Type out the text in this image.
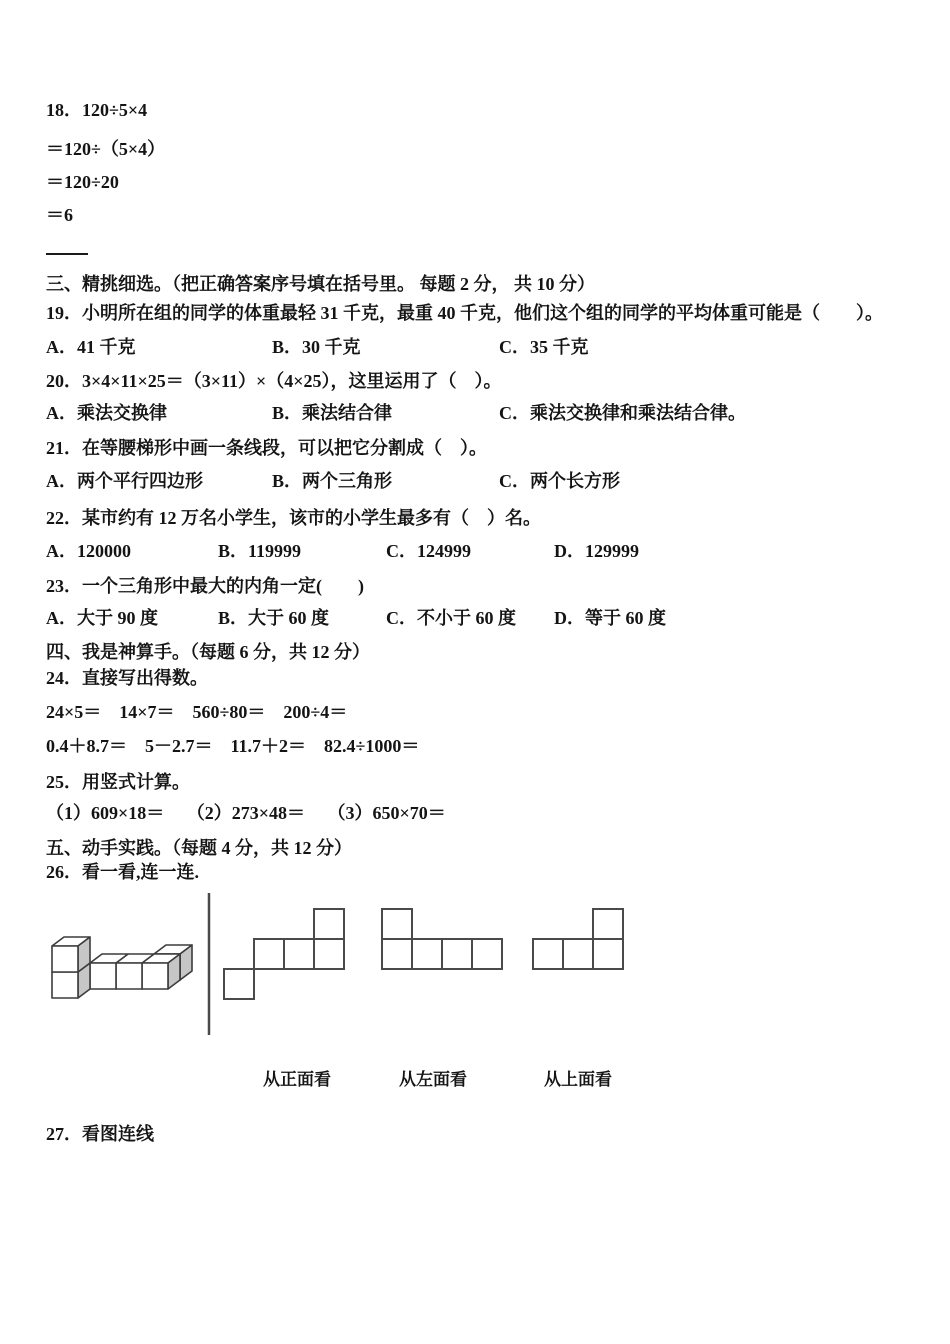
18．120÷5×4
＝120÷（5×4）
＝120÷20
＝6
三、精挑细选。（把正确答案序号填在括号里。 每题 2 分， 共 10 分）
19．小明所在组的同学的体重最轻 31 千克，最重 40 千克，他们这个组的同学的平均体重可能是（　　）。
A．41 千克	B．30 千克	C．35 千克
20．3×4×11×25＝（3×11）×（4×25），这里运用了（　）。
A．乘法交换律	B．乘法结合律	C．乘法交换律和乘法结合律。
21．在等腰梯形中画一条线段，可以把它分割成（　）。
A．两个平行四边形	B．两个三角形	C．两个长方形
22．某市约有 12 万名小学生，该市的小学生最多有（　）名。
A．120000	B．119999	C．124999	D．129999
23．一个三角形中最大的内角一定(　　)
A．大于 90 度	B．大于 60 度	C．不小于 60 度 D．等于 60 度
四、我是神算手。（每题 6 分，共 12 分）
24．直接写出得数。
24×5＝　14×7＝　560÷80＝　200÷4＝
0.4＋8.7＝　5－2.7＝　11.7＋2＝　82.4÷1000＝
25．用竖式计算。
（1）609×18＝　 （2）273×48＝　 （3）650×70＝
五、动手实践。（每题 4 分，共 12 分）
26．看一看,连一连.
从正面看	从左面看	从上面看
27．看图连线
